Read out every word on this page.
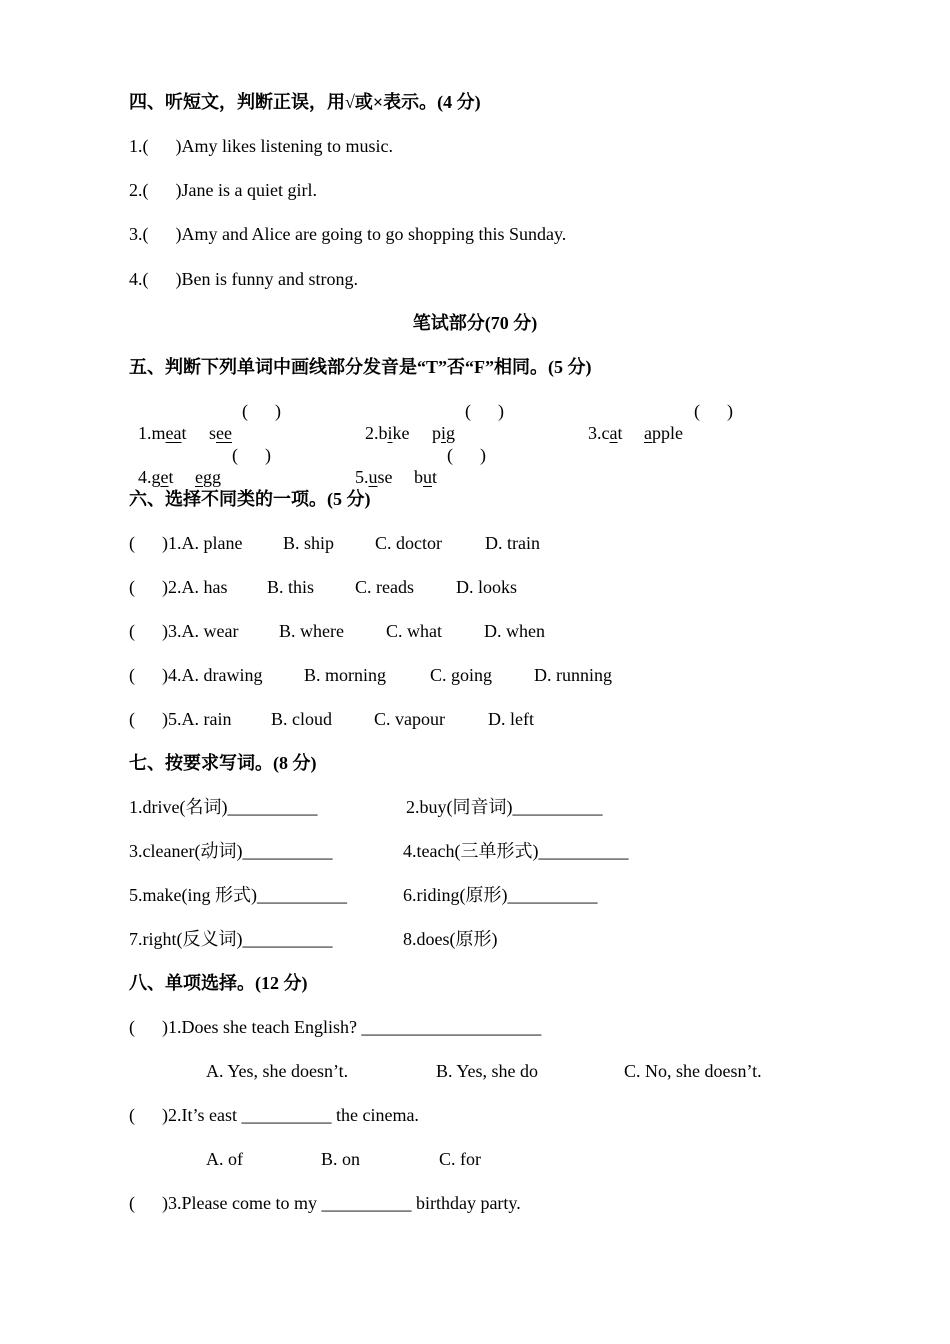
四、听短文，判断正误，用√或×表示。(4 分)
1.(      )Amy likes listening to music.
2.(      )Jane is a quiet girl.
3.(      )Amy and Alice are going to go shopping this Sunday.
4.(      )Ben is funny and strong.
笔试部分(70 分)
五、判断下列单词中画线部分发音是“T”否“F”相同。(5 分)

1.meat	see

(      )

2.bike	pig

(      )

3.cat	apple

(      )

4.get	egg

(      )

5.use	but

(      )
六、选择不同类的一项。(5 分)
(      )1.A. plane B. ship C. doctor D. train
(      )2.A. has B. this C. reads D. looks
(      )3.A. wear B. where C. what D. when
(      )4.A. drawing B. morning C. going D. running
(      )5.A. rain B. cloud C. vapour D. left
七、按要求写词。(8 分)
1.drive(名词)__________	2.buy(同音词)__________
3.cleaner(动词)__________	4.teach(三单形式)__________
5.make(ing 形式)__________	6.riding(原形)__________
7.right(反义词)__________	8.does(原形)
八、单项选择。(12 分)
(      )1.Does she teach English? ____________________
A. Yes, she doesn’t.	B. Yes, she do	C. No, she doesn’t.
(      )2.It’s east __________ the cinema.
A. of	B. on	C. for
(      )3.Please come to my __________ birthday party.
